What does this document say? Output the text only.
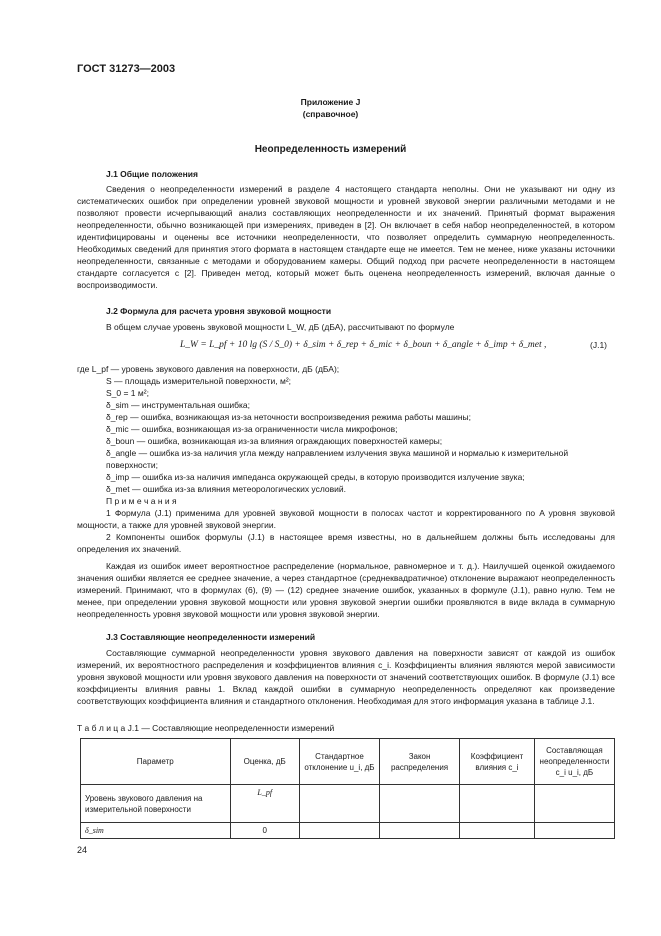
ГОСТ 31273—2003
Приложение J
(справочное)
Неопределенность измерений
J.1 Общие положения

Сведения о неопределенности измерений в разделе 4 настоящего стандарта неполны. Они не указывают ни одну из систематических ошибок при определении уровней звуковой мощности и уровней звуковой энергии различными методами и не позволяют провести исчерпывающий анализ составляющих неопределенности и их значений. Принятый формат выражения неопределенности, обычно возникающей при измерениях, приведен в [2]. Он включает в себя набор неопределенностей, в котором идентифицированы и оценены все источники неопределенности, что позволяет определить суммарную неопределенность. Необходимых сведений для принятия этого формата в настоящем стандарте еще не имеется. Тем не менее, ниже указаны источники неопределенности, связанные с методами и оборудованием камеры. Общий подход при расчете неопределенности в настоящем стандарте согласуется с [2]. Приведен метод, который может быть оценена неопределенность измерений, включая данные о воспроизводимости.

J.2 Формула для расчета уровня звуковой мощности

В общем случае уровень звуковой мощности L_W, дБ (дБА), рассчитывают по формуле

L_W = L_pf + 10 lg (S / S_0) + δ_sim + δ_rep + δ_mic + δ_boun + δ_angle + δ_imp + δ_met ,	(J.1)
где L_pf — уровень звукового давления на поверхности, дБ (дБА);
S — площадь измерительной поверхности, м²;
S_0 = 1 м²;
δ_sim — инструментальная ошибка;
δ_rep — ошибка, возникающая из-за неточности воспроизведения режима работы машины;
δ_mic — ошибка, возникающая из-за ограниченности числа микрофонов;
δ_boun — ошибка, возникающая из-за влияния ограждающих поверхностей камеры;
δ_angle — ошибка из-за наличия угла между направлением излучения звука машиной и нормалью к измерительной поверхности;
δ_imp — ошибка из-за наличия импеданса окружающей среды, в которую производится излучение звука;
δ_met — ошибка из-за влияния метеорологических условий.

П р и м е ч а н и я

1 Формула (J.1) применима для уровней звуковой мощности в полосах частот и корректированного по A уровня звуковой мощности, а также для уровней звуковой энергии.

2 Компоненты ошибок формулы (J.1) в настоящее время известны, но в дальнейшем должны быть исследованы для определения их значений.

Каждая из ошибок имеет вероятностное распределение (нормальное, равномерное и т. д.). Наилучшей оценкой ожидаемого значения ошибки является ее среднее значение, а через стандартное (среднеквадратичное) отклонение выражают неопределенность измерений. Принимают, что в формулах (6), (9) — (12) среднее значение ошибок, указанных в формуле (J.1), равно нулю. Тем не менее, при определении уровня звуковой мощности или уровня звуковой энергии ошибки проявляются в виде вклада в суммарную неопределенность уровня звуковой мощности или уровня звуковой энергии.

J.3 Составляющие неопределенности измерений

Составляющие суммарной неопределенности уровня звукового давления на поверхности зависят от каждой из ошибок измерений, их вероятностного распределения и коэффициентов влияния c_i. Коэффициенты влияния являются мерой зависимости уровня звуковой мощности или уровня звукового давления на поверхности от значений соответствующих ошибок. В формуле (J.1) все коэффициенты влияния равны 1. Вклад каждой ошибки в суммарную неопределенность определяют как произведение соответствующих коэффициента влияния и стандартного отклонения. Необходимая для этого информация указана в таблице J.1.

Т а б л и ц а J.1 — Составляющие неопределенности измерений
Параметр	Оценка, дБ	Стандартное отклонение u_i, дБ	Закон распределения	Коэффициент влияния c_i	Составляющая неопределенности c_i u_i, дБ
Уровень звукового давления на измерительной поверхности	L_pf				
δ_sim	0				
24
